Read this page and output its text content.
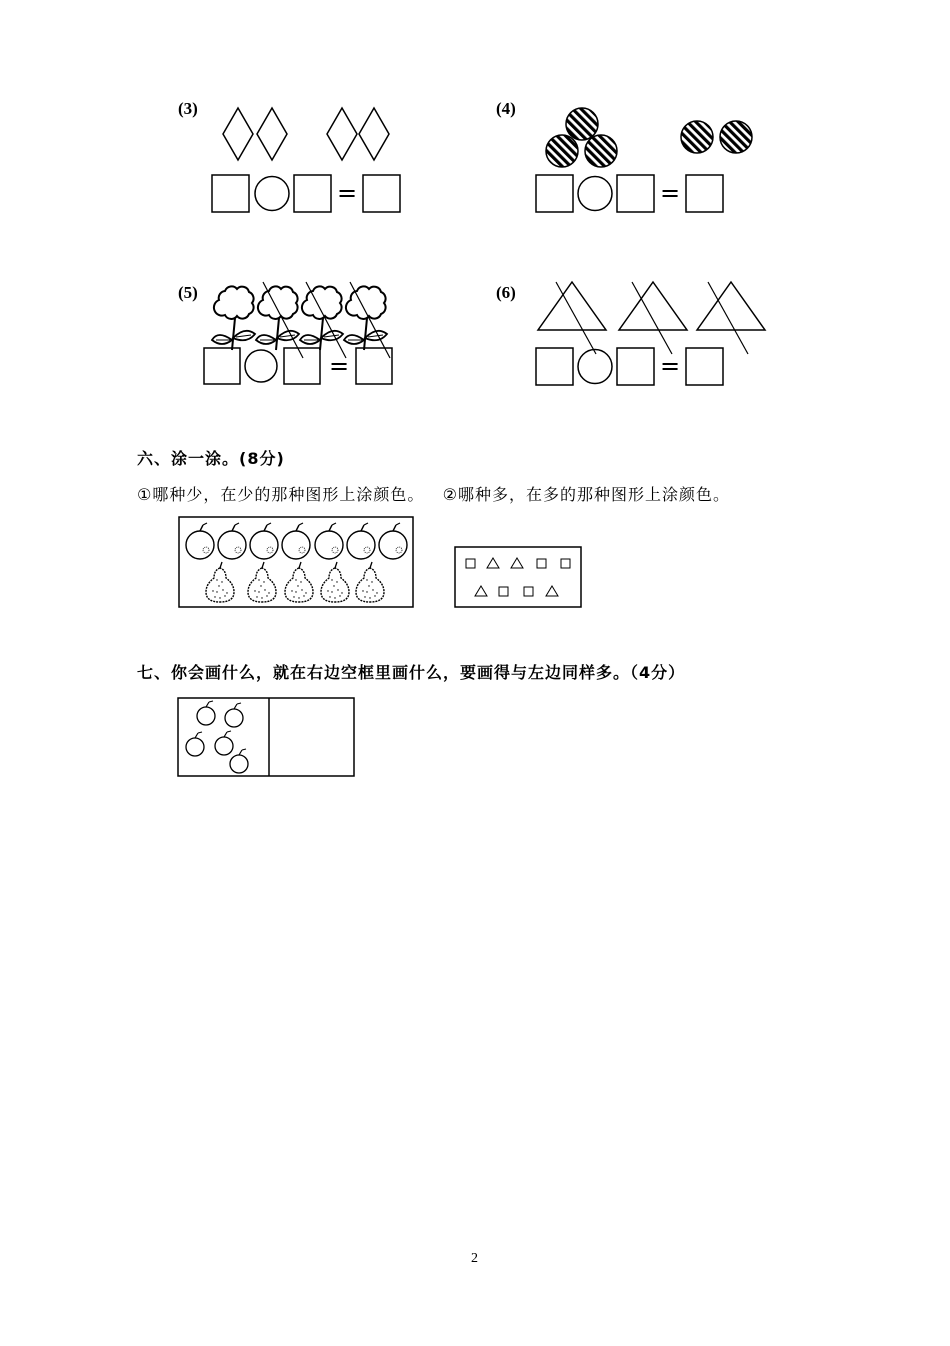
(3)	(4)
(5)	(6)
=	=
=	=
六、涂一涂。(8分)
①哪种少，在少的那种图形上涂颜色。   ②哪种多，在多的那种图形上涂颜色。
七、你会画什么，就在右边空框里画什么，要画得与左边同样多。（4分）
2
